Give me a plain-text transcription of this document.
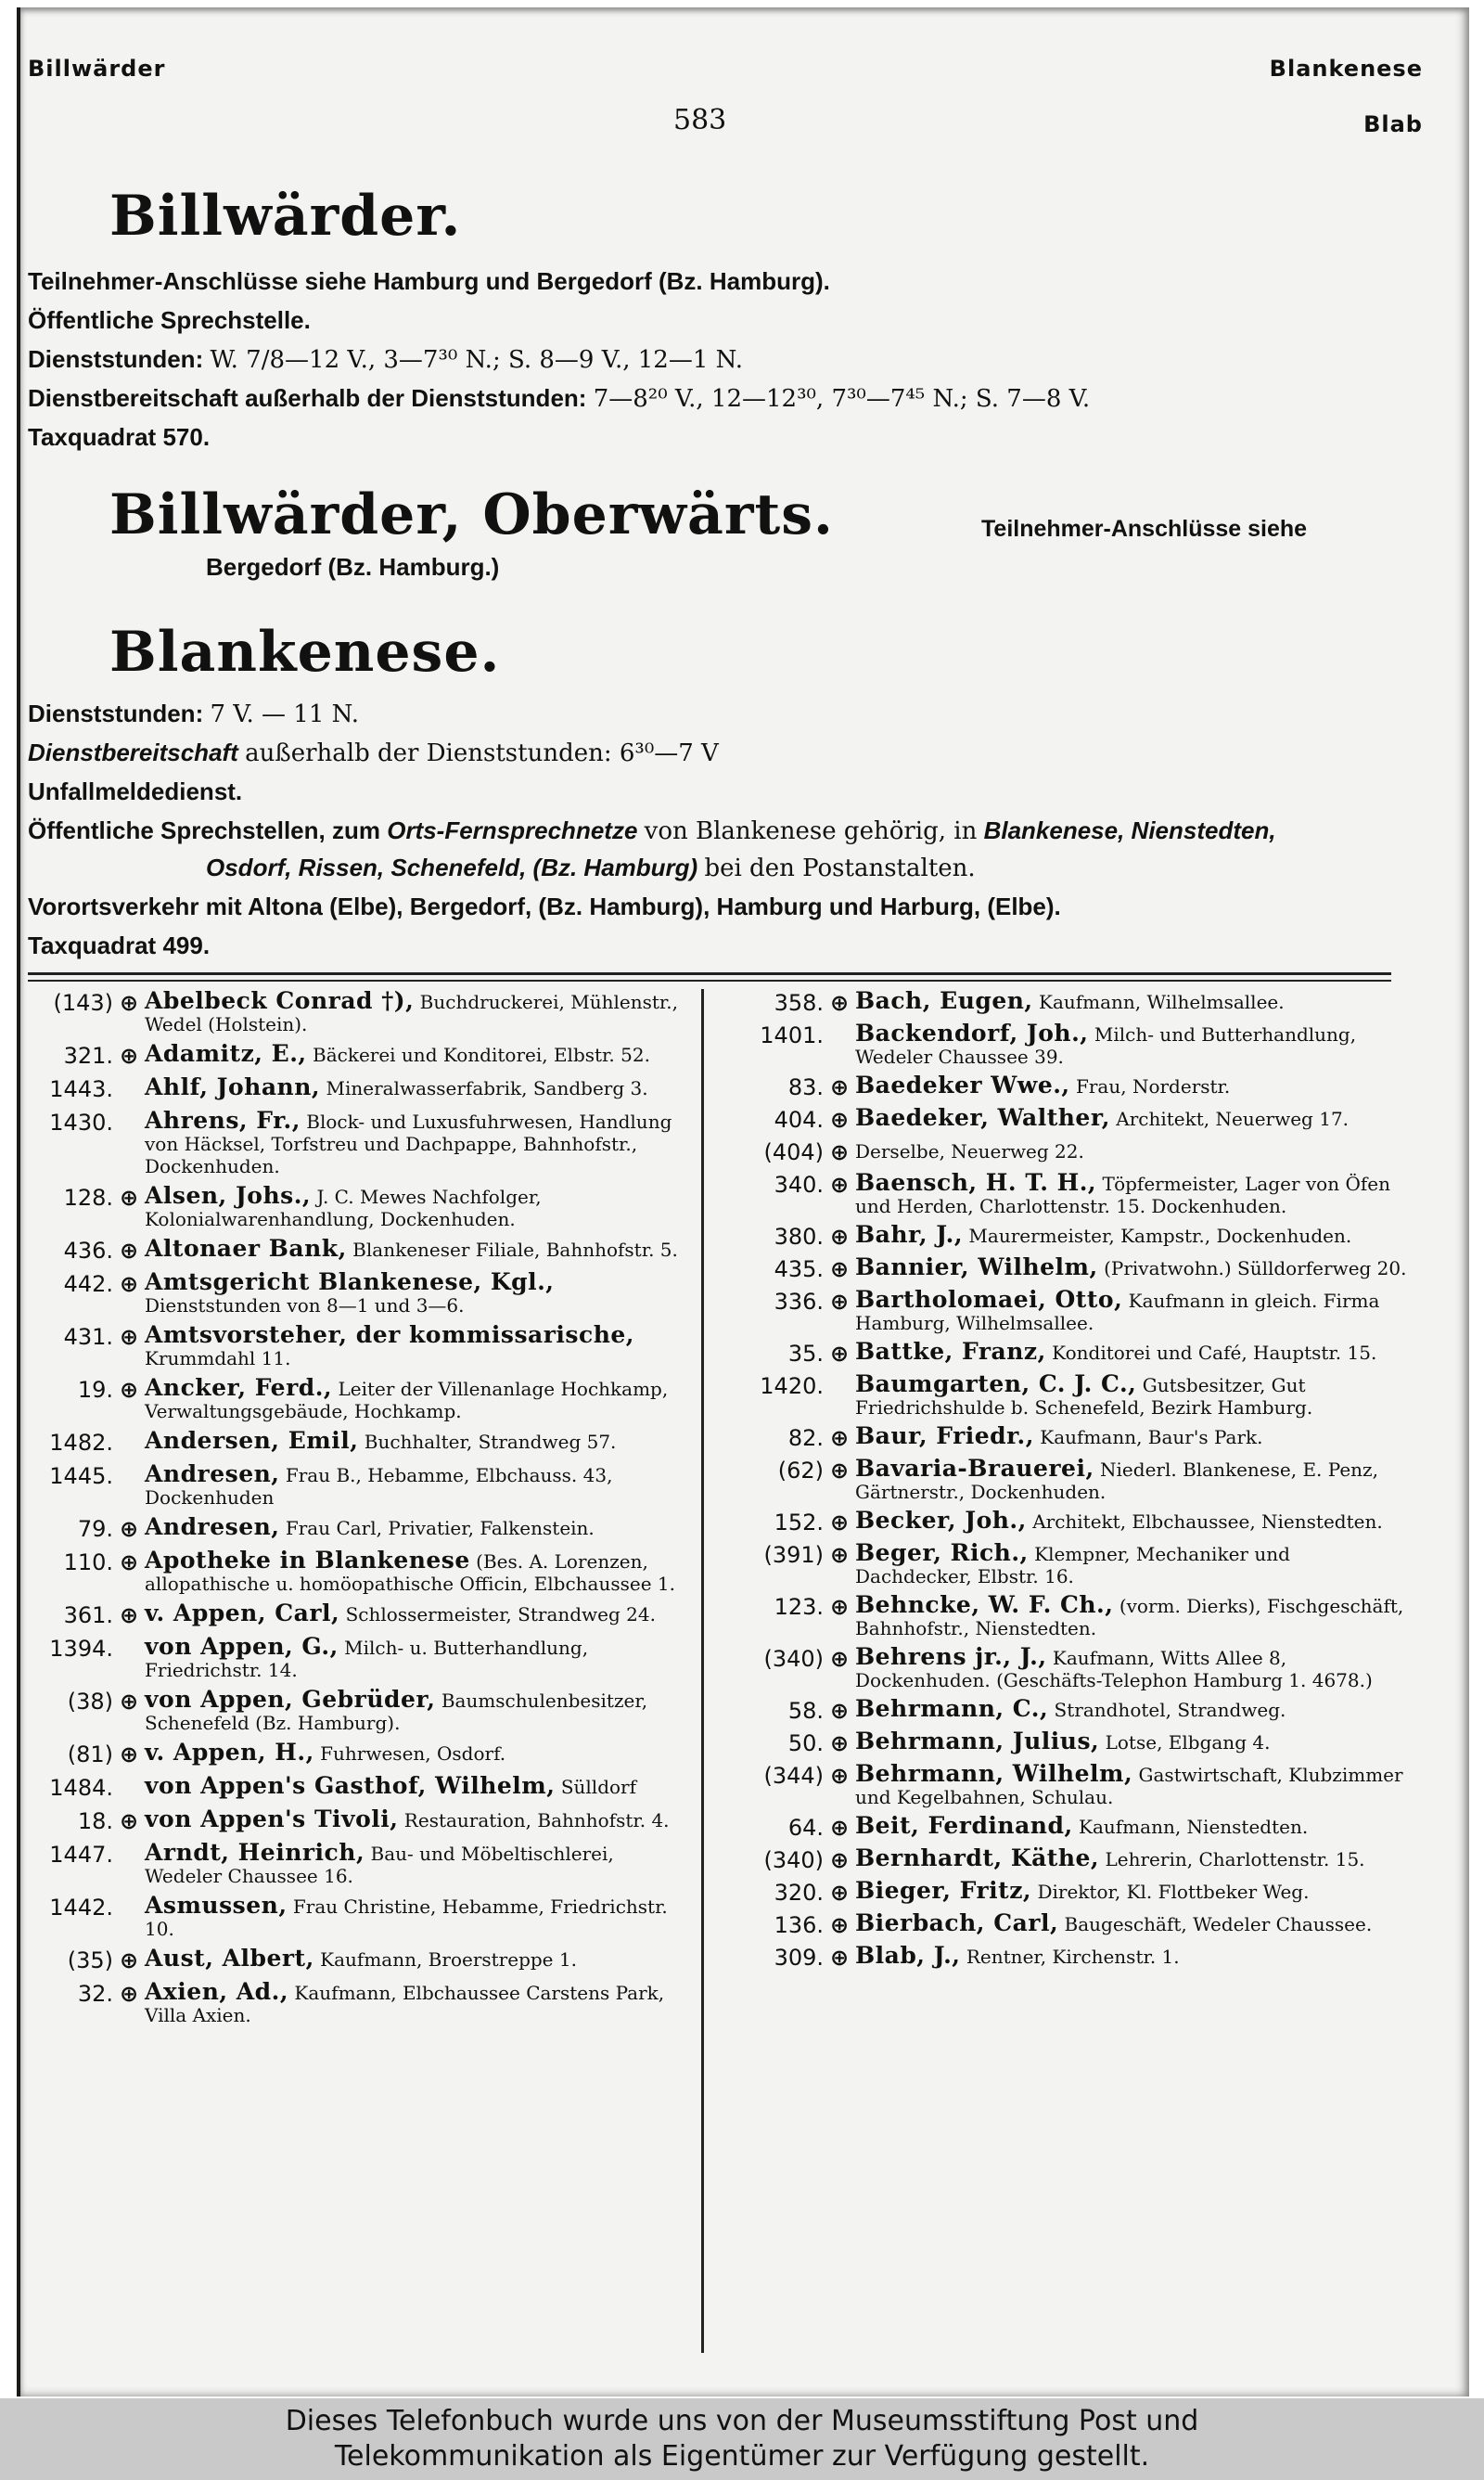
Billwärder	Blankenese
Blab
583
Billwärder.
Teilnehmer-Anschlüsse siehe Hamburg und Bergedorf (Bz. Hamburg).
Öffentliche Sprechstelle.
Dienststunden: W. 7/8—12 V., 3—7³⁰ N.; S. 8—9 V., 12—1 N.
Dienstbereitschaft außerhalb der Dienststunden: 7—8²⁰ V., 12—12³⁰, 7³⁰—7⁴⁵ N.; S. 7—8 V.
Taxquadrat 570.
Billwärder, Oberwärts.	Teilnehmer-Anschlüsse siehe
Bergedorf (Bz. Hamburg.)
Blankenese.
Dienststunden: 7 V. — 11 N.
Dienstbereitschaft außerhalb der Dienststunden: 6³⁰—7 V
Unfallmeldedienst.
Öffentliche Sprechstellen, zum Orts-Fernsprechnetze von Blankenese gehörig, in Blankenese, Nienstedten,
Osdorf, Rissen, Schenefeld, (Bz. Hamburg) bei den Postanstalten.
Vorortsverkehr mit Altona (Elbe), Bergedorf, (Bz. Hamburg), Hamburg und Harburg, (Elbe).
Taxquadrat 499.
(143) ⊕ Abelbeck Conrad †), Buchdruckerei, Mühlenstr., Wedel (Holstein).
321. ⊕ Adamitz, E., Bäckerei und Konditorei, Elbstr. 52.
1443. Ahlf, Johann, Mineralwasserfabrik, Sandberg 3.
1430. Ahrens, Fr., Block- und Luxusfuhrwesen, Handlung von Häcksel, Torfstreu und Dachpappe, Bahnhofstr., Dockenhuden.
128. ⊕ Alsen, Johs., J. C. Mewes Nachfolger, Kolonialwarenhandlung, Dockenhuden.
436. ⊕ Altonaer Bank, Blankeneser Filiale, Bahnhofstr. 5.
442. ⊕ Amtsgericht Blankenese, Kgl., Dienststunden von 8—1 und 3—6.
431. ⊕ Amtsvorsteher, der kommissarische, Krummdahl 11.
19. ⊕ Ancker, Ferd., Leiter der Villenanlage Hochkamp, Verwaltungsgebäude, Hochkamp.
1482. Andersen, Emil, Buchhalter, Strandweg 57.
1445. Andresen, Frau B., Hebamme, Elbchauss. 43, Dockenhuden
79. ⊕ Andresen, Frau Carl, Privatier, Falkenstein.
110. ⊕ Apotheke in Blankenese (Bes. A. Lorenzen, allopathische u. homöopathische Officin, Elbchaussee 1.
361. ⊕ v. Appen, Carl, Schlossermeister, Strandweg 24.
1394. von Appen, G., Milch- u. Butterhandlung, Friedrichstr. 14.
(38) ⊕ von Appen, Gebrüder, Baumschulenbesitzer, Schenefeld (Bz. Hamburg).
(81) ⊕ v. Appen, H., Fuhrwesen, Osdorf.
1484. von Appen's Gasthof, Wilhelm, Sülldorf
18. ⊕ von Appen's Tivoli, Restauration, Bahnhofstr. 4.
1447. Arndt, Heinrich, Bau- und Möbeltischlerei, Wedeler Chaussee 16.
1442. Asmussen, Frau Christine, Hebamme, Friedrichstr. 10.
(35) ⊕ Aust, Albert, Kaufmann, Broerstreppe 1.
32. ⊕ Axien, Ad., Kaufmann, Elbchaussee Carstens Park, Villa Axien.
358. ⊕ Bach, Eugen, Kaufmann, Wilhelmsallee.
1401. Backendorf, Joh., Milch- und Butterhandlung, Wedeler Chaussee 39.
83. ⊕ Baedeker Wwe., Frau, Norderstr.
404. ⊕ Baedeker, Walther, Architekt, Neuerweg 17.
(404) ⊕ Derselbe, Neuerweg 22.
340. ⊕ Baensch, H. T. H., Töpfermeister, Lager von Öfen und Herden, Charlottenstr. 15. Dockenhuden.
380. ⊕ Bahr, J., Maurermeister, Kampstr., Dockenhuden.
435. ⊕ Bannier, Wilhelm, (Privatwohn.) Sülldorferweg 20.
336. ⊕ Bartholomaei, Otto, Kaufmann in gleich. Firma Hamburg, Wilhelmsallee.
35. ⊕ Battke, Franz, Konditorei und Café, Hauptstr. 15.
1420. Baumgarten, C. J. C., Gutsbesitzer, Gut Friedrichshulde b. Schenefeld, Bezirk Hamburg.
82. ⊕ Baur, Friedr., Kaufmann, Baur's Park.
(62) ⊕ Bavaria-Brauerei, Niederl. Blankenese, E. Penz, Gärtnerstr., Dockenhuden.
152. ⊕ Becker, Joh., Architekt, Elbchaussee, Nienstedten.
(391) ⊕ Beger, Rich., Klempner, Mechaniker und Dachdecker, Elbstr. 16.
123. ⊕ Behncke, W. F. Ch., (vorm. Dierks), Fischgeschäft, Bahnhofstr., Nienstedten.
(340) ⊕ Behrens jr., J., Kaufmann, Witts Allee 8, Dockenhuden. (Geschäfts-Telephon Hamburg 1. 4678.)
58. ⊕ Behrmann, C., Strandhotel, Strandweg.
50. ⊕ Behrmann, Julius, Lotse, Elbgang 4.
(344) ⊕ Behrmann, Wilhelm, Gastwirtschaft, Klubzimmer und Kegelbahnen, Schulau.
64. ⊕ Beit, Ferdinand, Kaufmann, Nienstedten.
(340) ⊕ Bernhardt, Käthe, Lehrerin, Charlottenstr. 15.
320. ⊕ Bieger, Fritz, Direktor, Kl. Flottbeker Weg.
136. ⊕ Bierbach, Carl, Baugeschäft, Wedeler Chaussee.
309. ⊕ Blab, J., Rentner, Kirchenstr. 1.
Dieses Telefonbuch wurde uns von der Museumsstiftung Post und
Telekommunikation als Eigentümer zur Verfügung gestellt.
